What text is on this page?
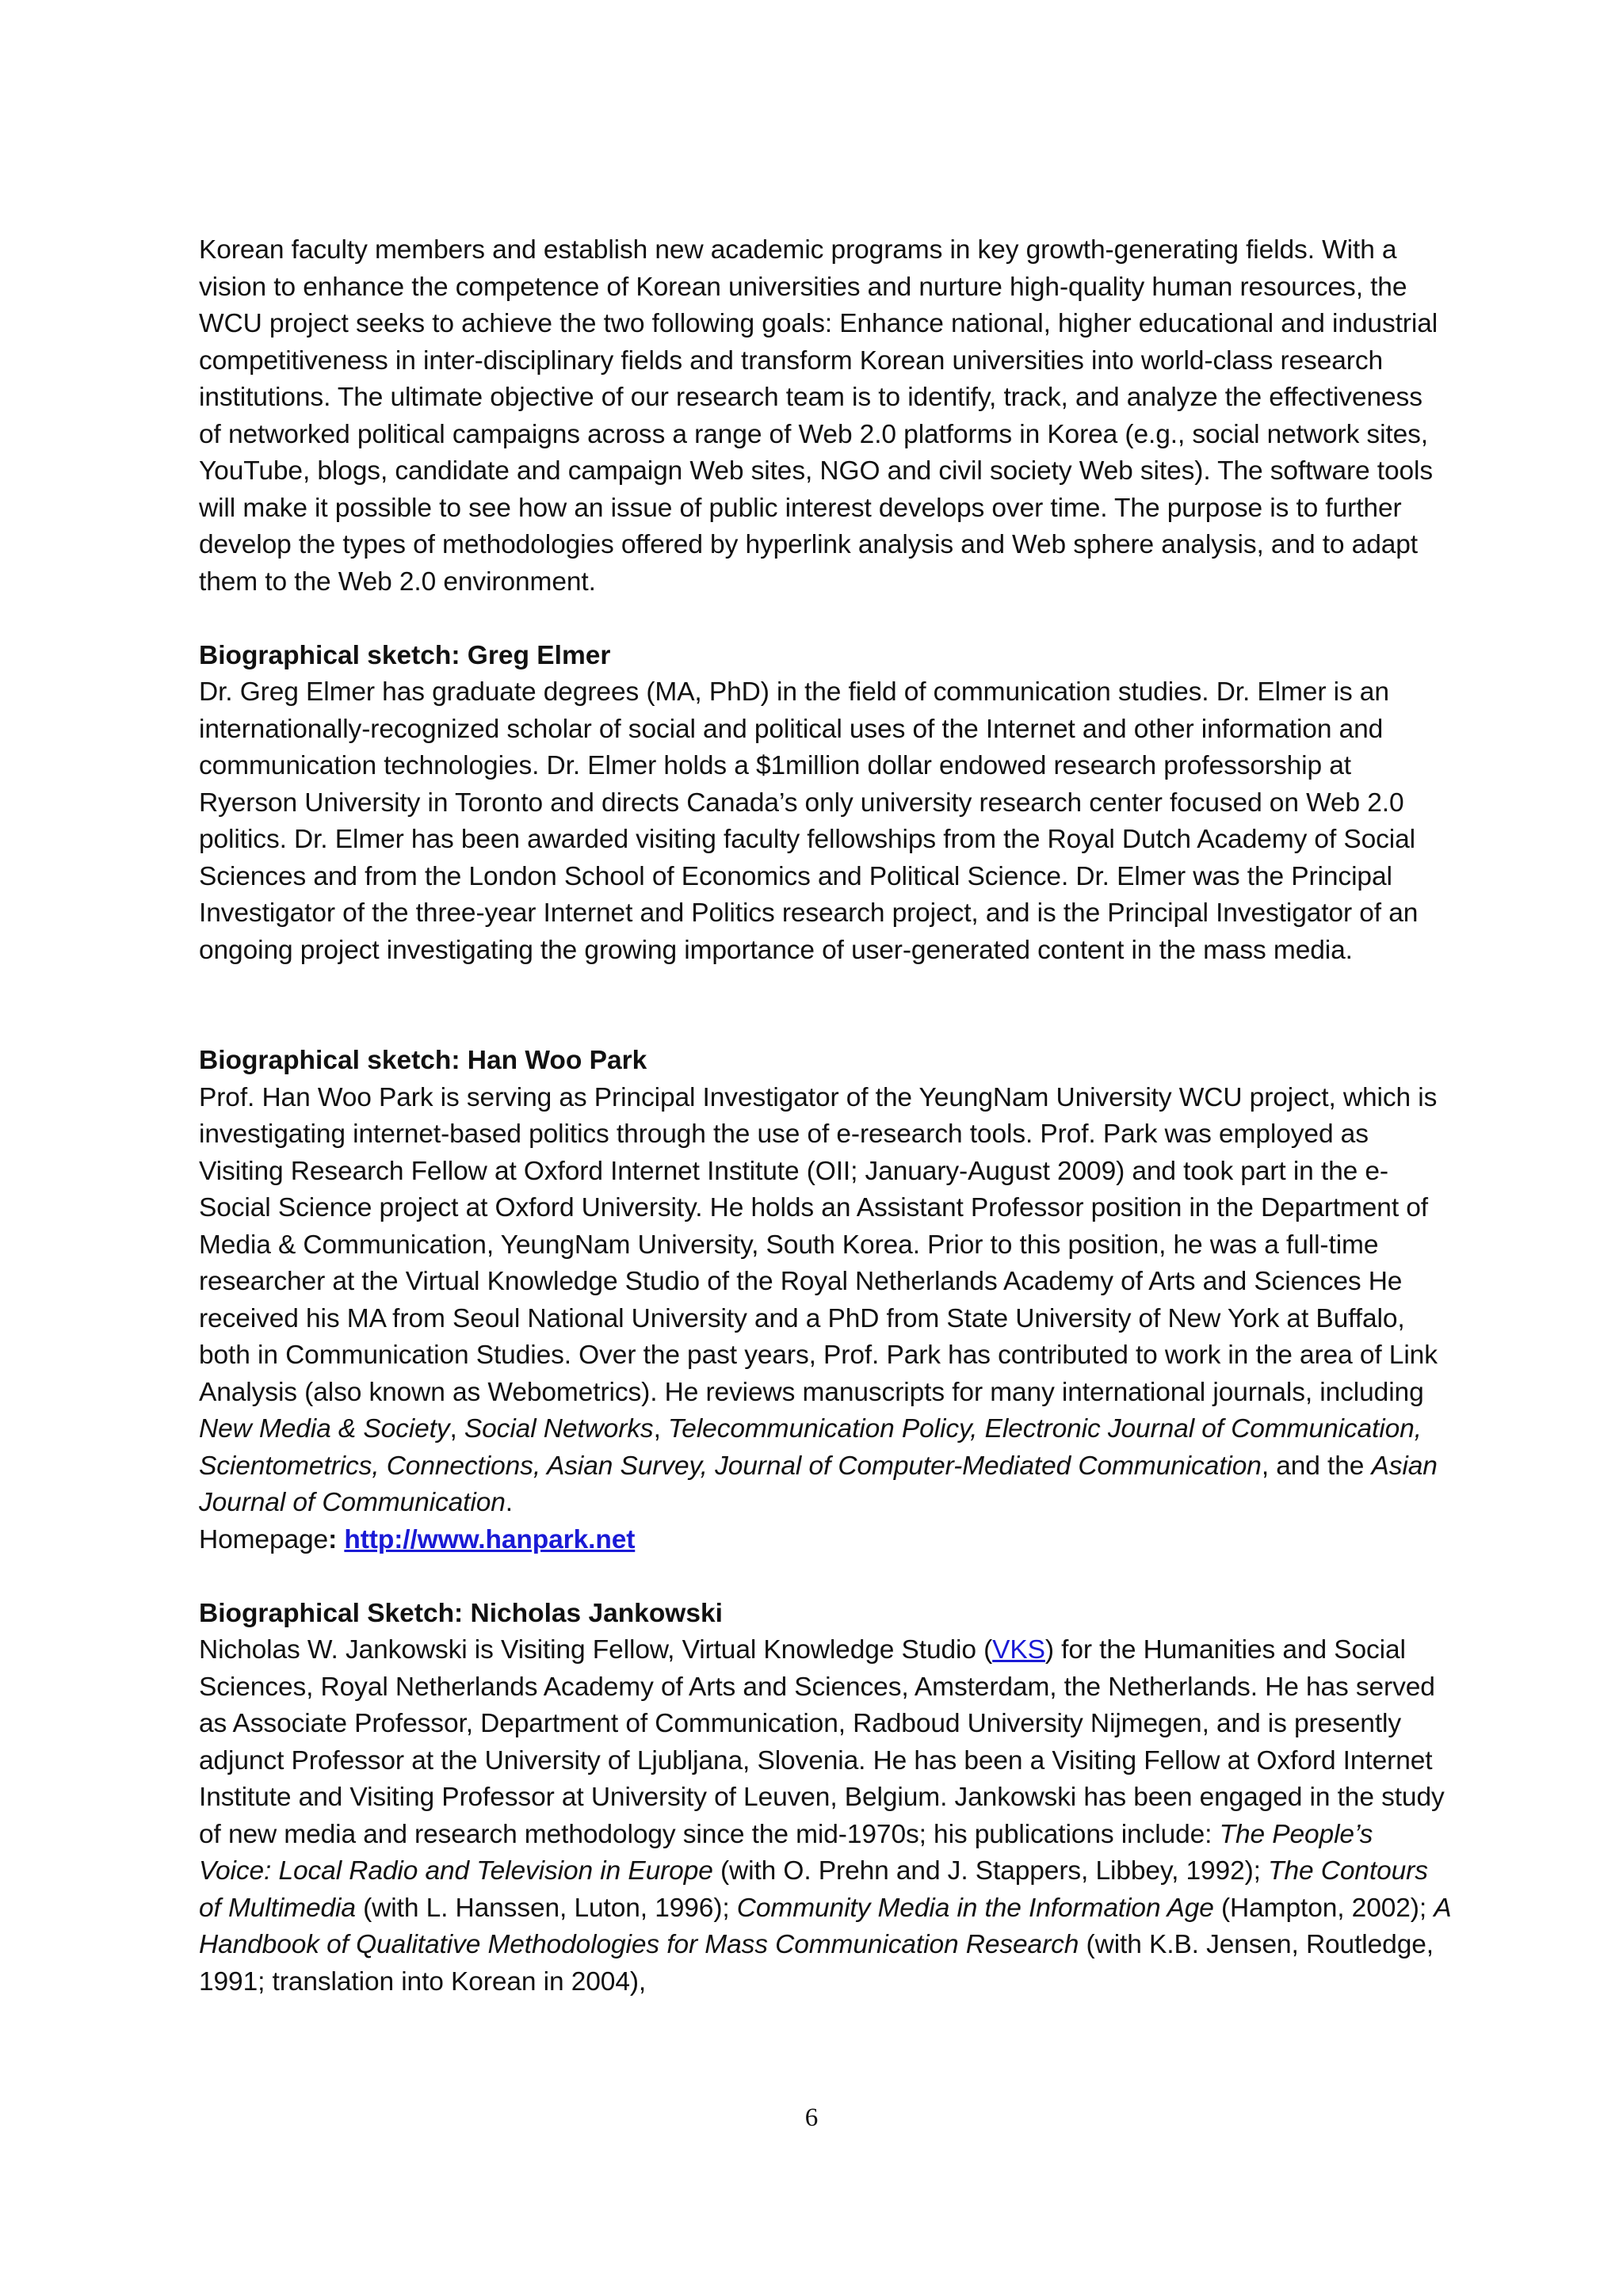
Korean faculty members and establish new academic programs in key growth-generating fields. With a vision to enhance the competence of Korean universities and nurture high-quality human resources, the WCU project seeks to achieve the two following goals: Enhance national, higher educational and industrial competitiveness in inter-disciplinary fields and transform Korean universities into world-class research institutions. The ultimate objective of our research team is to identify, track, and analyze the effectiveness of networked political campaigns across a range of Web 2.0 platforms in Korea (e.g., social network sites, YouTube, blogs, candidate and campaign Web sites, NGO and civil society Web sites). The software tools will make it possible to see how an issue of public interest develops over time. The purpose is to further develop the types of methodologies offered by hyperlink analysis and Web sphere analysis, and to adapt them to the Web 2.0 environment.

Biographical sketch: Greg Elmer

Dr. Greg Elmer has graduate degrees (MA, PhD) in the field of communication studies. Dr. Elmer is an internationally-recognized scholar of social and political uses of the Internet and other information and communication technologies. Dr. Elmer holds a $1million dollar endowed research professorship at Ryerson University in Toronto and directs Canada’s only university research center focused on Web 2.0 politics. Dr. Elmer has been awarded visiting faculty fellowships from the Royal Dutch Academy of Social Sciences and from the London School of Economics and Political Science. Dr. Elmer was the Principal Investigator of the three-year Internet and Politics research project, and is the Principal Investigator of an ongoing project investigating the growing importance of user-generated content in the mass media.

Biographical sketch: Han Woo Park

Prof. Han Woo Park is serving as Principal Investigator of the YeungNam University WCU project, which is investigating internet-based politics through the use of e-research tools. Prof. Park was employed as Visiting Research Fellow at Oxford Internet Institute (OII; January-August 2009) and took part in the e-Social Science project at Oxford University. He holds an Assistant Professor position in the Department of Media & Communication, YeungNam University, South Korea. Prior to this position, he was a full-time researcher at the Virtual Knowledge Studio of the Royal Netherlands Academy of Arts and Sciences He received his MA from Seoul National University and a PhD from State University of New York at Buffalo, both in Communication Studies. Over the past years, Prof. Park has contributed to work in the area of Link Analysis (also known as Webometrics). He reviews manuscripts for many international journals, including New Media & Society, Social Networks, Telecommunication Policy, Electronic Journal of Communication, Scientometrics, Connections, Asian Survey, Journal of Computer-Mediated Communication, and the Asian Journal of Communication.
Homepage: http://www.hanpark.net

Biographical Sketch: Nicholas Jankowski

Nicholas W. Jankowski is Visiting Fellow, Virtual Knowledge Studio (VKS) for the Humanities and Social Sciences, Royal Netherlands Academy of Arts and Sciences, Amsterdam, the Netherlands. He has served as Associate Professor, Department of Communication, Radboud University Nijmegen, and is presently adjunct Professor at the University of Ljubljana, Slovenia. He has been a Visiting Fellow at Oxford Internet Institute and Visiting Professor at University of Leuven, Belgium. Jankowski has been engaged in the study of new media and research methodology since the mid-1970s; his publications include: The People’s Voice: Local Radio and Television in Europe (with O. Prehn and J. Stappers, Libbey, 1992); The Contours of Multimedia (with L. Hanssen, Luton, 1996); Community Media in the Information Age (Hampton, 2002); A Handbook of Qualitative Methodologies for Mass Communication Research (with K.B. Jensen, Routledge, 1991; translation into Korean in 2004),

6
